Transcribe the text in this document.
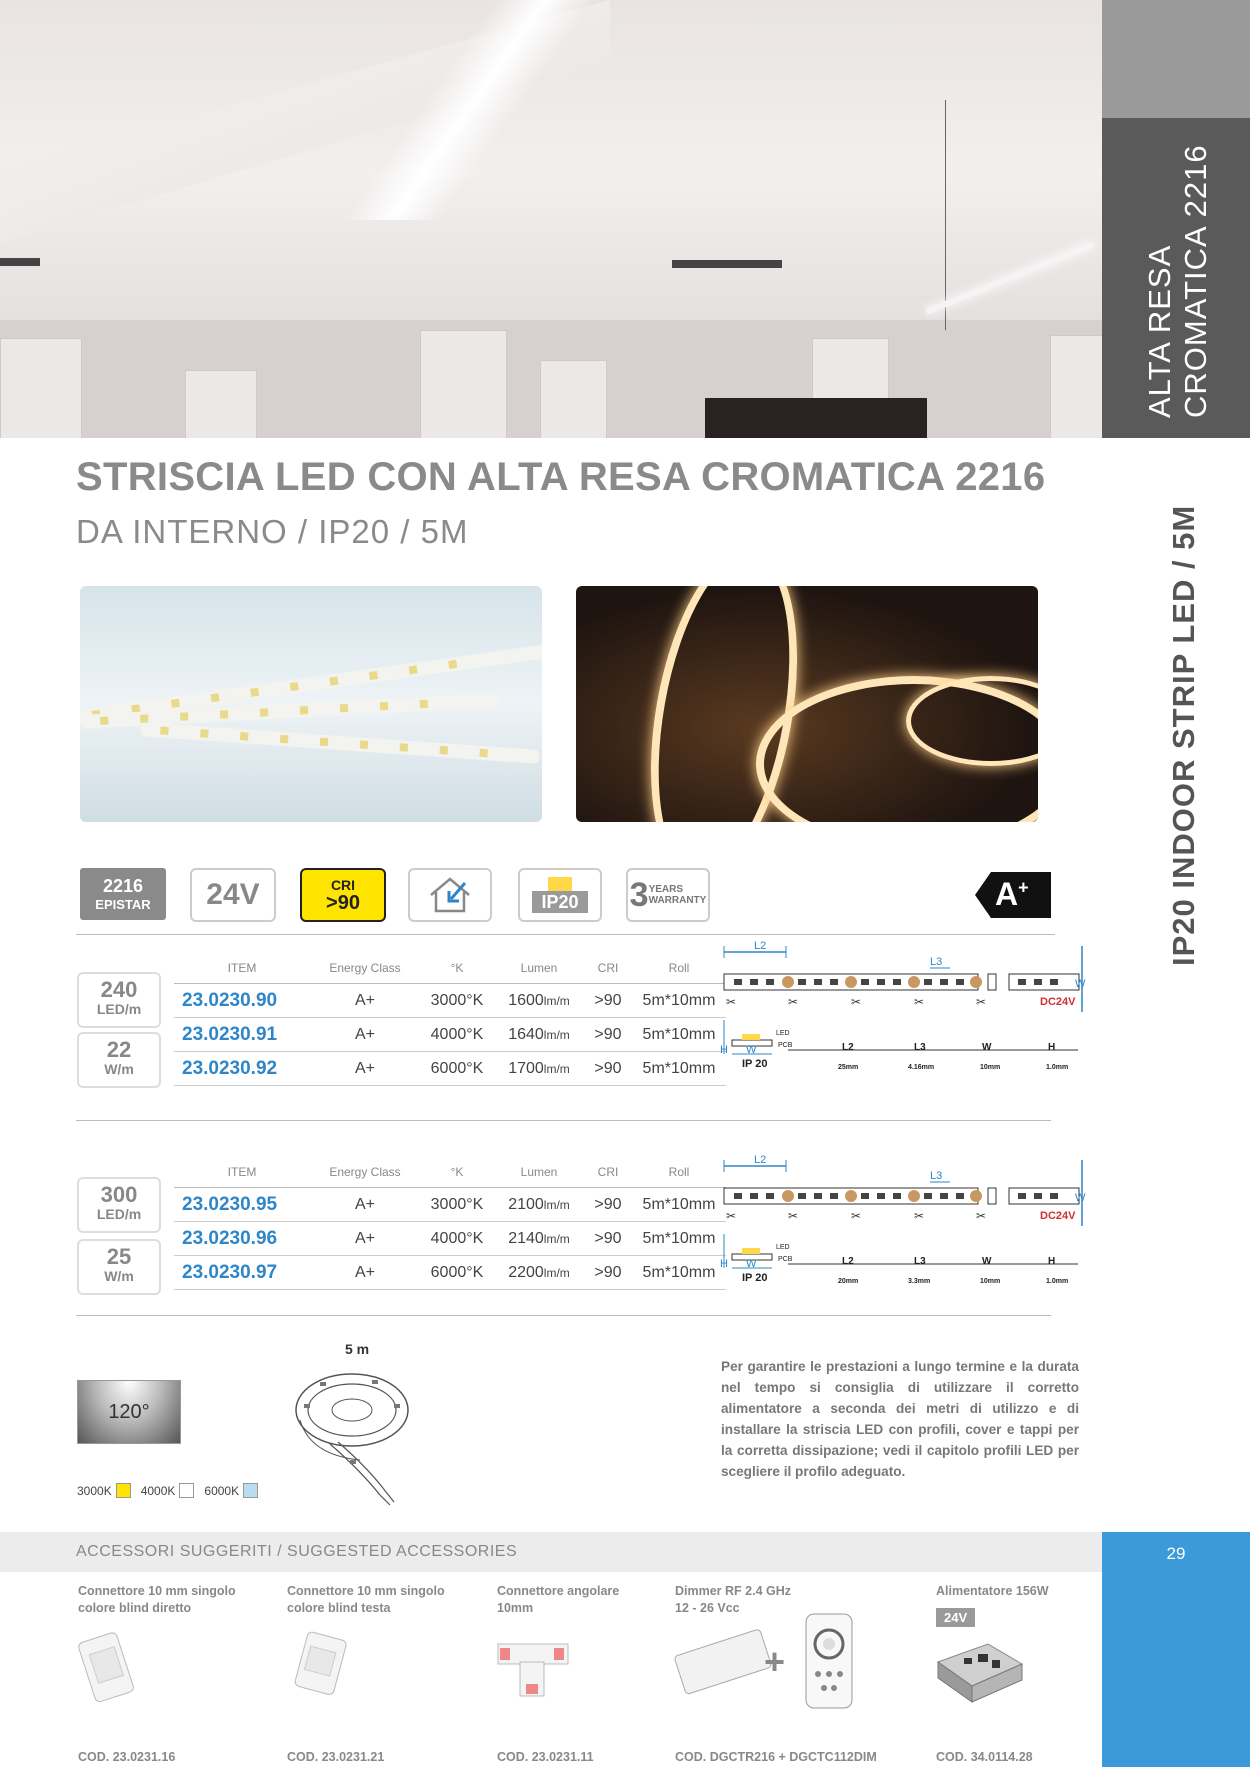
ALTA RESA CROMATICA 2216
IP20 INDOOR STRIP LED / 5M
29
STRISCIA LED CON ALTA RESA CROMATICA 2216
DA INTERNO / IP20 / 5M
2216
EPISTAR	24V	CRI
>90	IP20 3 YEARS
WARRANTY	A+
240
LED/m
22
W/m
ITEM	Energy Class	°K	Lumen	CRI	Roll
23.0230.90	A+	3000°K	1600lm/m	>90	5m*10mm
23.0230.91	A+	4000°K	1640lm/m	>90	5m*10mm
23.0230.92	A+	6000°K	1700lm/m	>90	5m*10mm
✂	✂	✂	✂	✂
L2
L3
W
DC24V
H W
IP 20
PCB
LED
L2	L3	W	H
25mm	4.16mm	10mm	1.0mm
300
LED/m
25
W/m
ITEM	Energy Class	°K	Lumen	CRI	Roll
23.0230.95	A+	3000°K	2100lm/m	>90	5m*10mm
23.0230.96	A+	4000°K	2140lm/m	>90	5m*10mm
23.0230.97	A+	6000°K	2200lm/m	>90	5m*10mm
✂	✂	✂	✂	✂
L2
L3
W
DC24V
H W
IP 20
PCB
LED
L2	L3	W	H
20mm	3.3mm	10mm	1.0mm
120°
5 m
3000K 4000K 6000K
Per garantire le prestazioni a lungo termine e la durata nel tempo si consiglia di utilizzare il corretto alimentatore a seconda dei metri di utilizzo e di installare la striscia LED con profili, cover e tappi per la corretta dissipazione; vedi il capitolo profili LED per scegliere il profilo adeguato.
ACCESSORI SUGGERITI / SUGGESTED ACCESSORIES
Connettore 10 mm singolo
colore blind diretto
Connettore 10 mm singolo
colore blind testa
Connettore angolare
10mm
Dimmer RF 2.4 GHz
12 - 26 Vcc
Alimentatore 156W
24V
+
COD. 23.0231.16	COD. 23.0231.21	COD. 23.0231.11	COD. DGCTR216 + DGCTC112DIM	COD. 34.0114.28
